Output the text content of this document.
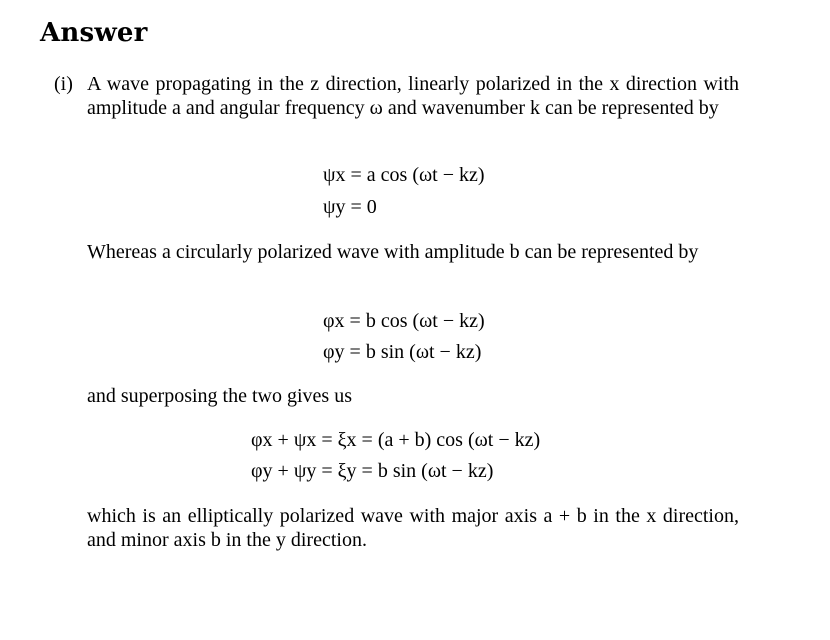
Answer
(i) A wave propagating in the z direction, linearly polarized in the x direction with amplitude a and angular frequency ω and wavenumber k can be represented by
ψx = a cos (ωt − kz)
ψy = 0
Whereas a circularly polarized wave with amplitude b can be represented by
φx = b cos (ωt − kz)
φy = b sin (ωt − kz)
and superposing the two gives us
φx + ψx = ξx = (a + b) cos (ωt − kz)
φy + ψy = ξy = b sin (ωt − kz)
which is an elliptically polarized wave with major axis a + b in the x direction, and minor axis b in the y direction.
